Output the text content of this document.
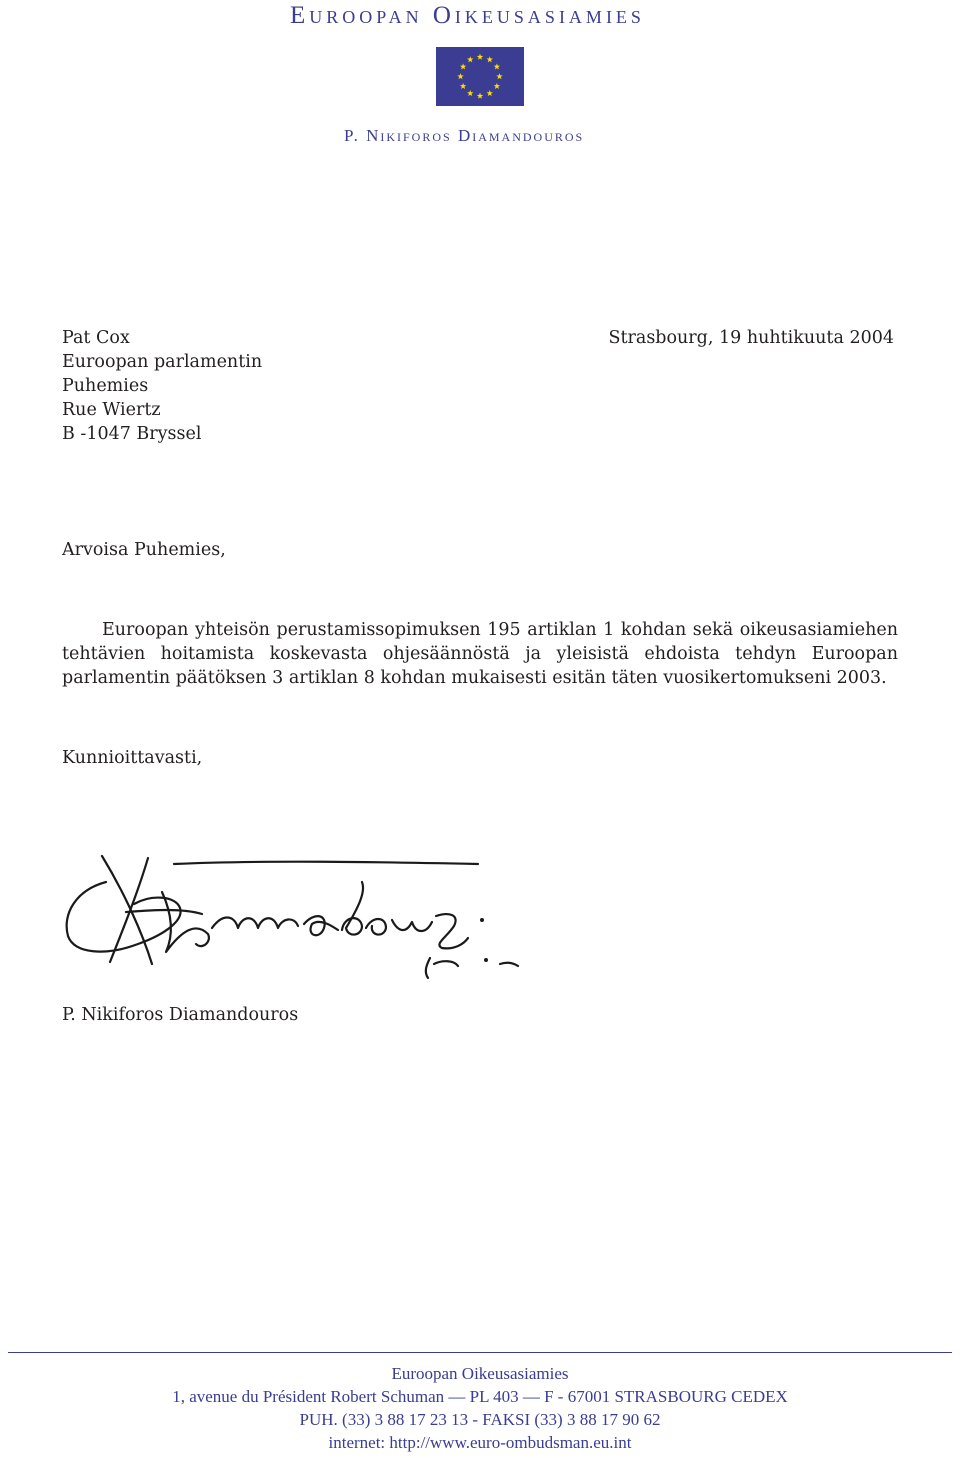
Euroopan Oikeusasiamies
P. Nikiforos Diamandouros
Pat Cox
Euroopan parlamentin
Puhemies
Rue Wiertz
B -1047 Bryssel
Strasbourg, 19 huhtikuuta 2004
Arvoisa Puhemies,
Euroopan yhteisön perustamissopimuksen 195 artiklan 1 kohdan sekä oikeusasiamiehen tehtävien hoitamista koskevasta ohjesäännöstä ja yleisistä ehdoista tehdyn Euroopan parlamentin päätöksen 3 artiklan 8 kohdan mukaisesti esitän täten vuosikertomukseni 2003.
Kunnioittavasti,
P. Nikiforos Diamandouros
Euroopan Oikeusasiamies
1, avenue du Président Robert Schuman — PL 403 — F - 67001 STRASBOURG CEDEX
PUH. (33) 3 88 17 23 13 - FAKSI (33) 3 88 17 90 62
internet: http://www.euro-ombudsman.eu.int
